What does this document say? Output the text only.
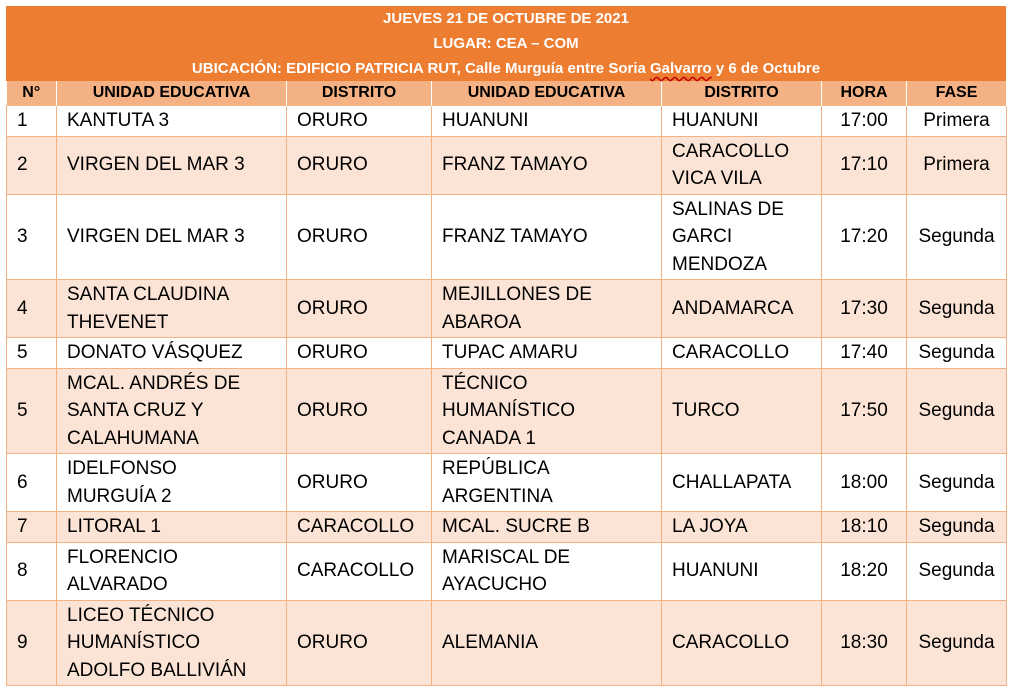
JUEVES 21 DE OCTUBRE DE 2021
LUGAR: CEA – COM
UBICACIÓN: EDIFICIO PATRICIA RUT, Calle Murguía entre Soria Galvarro y 6 de Octubre
N°	UNIDAD EDUCATIVA	DISTRITO	UNIDAD EDUCATIVA	DISTRITO	HORA	FASE
1	KANTUTA 3	ORURO	HUANUNI	HUANUNI	17:00	Primera
2	VIRGEN DEL MAR 3	ORURO	FRANZ TAMAYO	CARACOLLO
VICA VILA	17:10	Primera
3	VIRGEN DEL MAR 3	ORURO	FRANZ TAMAYO	SALINAS DE
GARCI
MENDOZA	17:20	Segunda
4	SANTA CLAUDINA
THEVENET	ORURO	MEJILLONES DE
ABAROA	ANDAMARCA	17:30	Segunda
5	DONATO VÁSQUEZ	ORURO	TUPAC AMARU	CARACOLLO	17:40	Segunda
5	MCAL. ANDRÉS DE
SANTA CRUZ Y
CALAHUMANA	ORURO	TÉCNICO
HUMANÍSTICO
CANADA 1	TURCO	17:50	Segunda
6	IDELFONSO
MURGUÍA 2	ORURO	REPÚBLICA
ARGENTINA	CHALLAPATA	18:00	Segunda
7	LITORAL 1	CARACOLLO	MCAL. SUCRE B	LA JOYA	18:10	Segunda
8	FLORENCIO
ALVARADO	CARACOLLO	MARISCAL DE
AYACUCHO	HUANUNI	18:20	Segunda
9	LICEO TÉCNICO
HUMANÍSTICO
ADOLFO BALLIVIÁN	ORURO	ALEMANIA	CARACOLLO	18:30	Segunda
